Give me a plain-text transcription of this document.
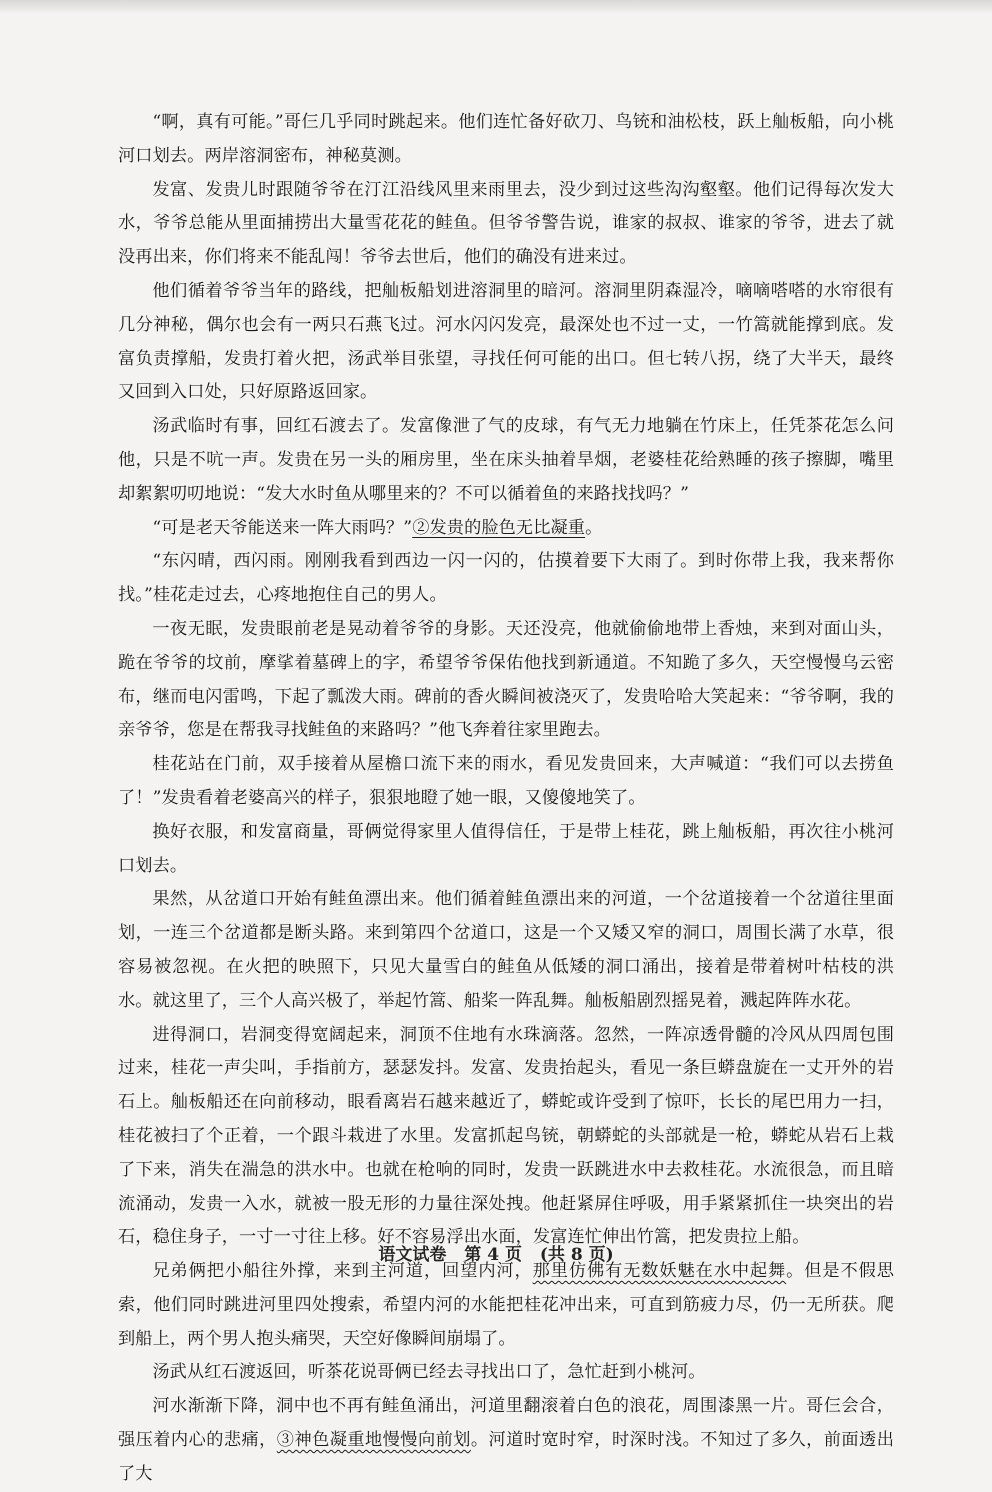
“啊，真有可能。”哥仨几乎同时跳起来。他们连忙备好砍刀、鸟铳和油松枝，跃上舢板船，向小桃河口划去。两岸溶洞密布，神秘莫测。

发富、发贵儿时跟随爷爷在汀江沿线风里来雨里去，没少到过这些沟沟壑壑。他们记得每次发大水，爷爷总能从里面捕捞出大量雪花花的鲑鱼。但爷爷警告说，谁家的叔叔、谁家的爷爷，进去了就没再出来，你们将来不能乱闯！爷爷去世后，他们的确没有进来过。

他们循着爷爷当年的路线，把舢板船划进溶洞里的暗河。溶洞里阴森湿冷，嘀嘀嗒嗒的水帘很有几分神秘，偶尔也会有一两只石燕飞过。河水闪闪发亮，最深处也不过一丈，一竹篙就能撑到底。发富负责撑船，发贵打着火把，汤武举目张望，寻找任何可能的出口。但七转八拐，绕了大半天，最终又回到入口处，只好原路返回家。

汤武临时有事，回红石渡去了。发富像泄了气的皮球，有气无力地躺在竹床上，任凭茶花怎么问他，只是不吭一声。发贵在另一头的厢房里，坐在床头抽着旱烟，老婆桂花给熟睡的孩子擦脚，嘴里却絮絮叨叨地说：“发大水时鱼从哪里来的？不可以循着鱼的来路找找吗？”

“可是老天爷能送来一阵大雨吗？”②发贵的脸色无比凝重。

“东闪晴，西闪雨。刚刚我看到西边一闪一闪的，估摸着要下大雨了。到时你带上我，我来帮你找。”桂花走过去，心疼地抱住自己的男人。

一夜无眠，发贵眼前老是晃动着爷爷的身影。天还没亮，他就偷偷地带上香烛，来到对面山头，跪在爷爷的坟前，摩挲着墓碑上的字，希望爷爷保佑他找到新通道。不知跪了多久，天空慢慢乌云密布，继而电闪雷鸣，下起了瓢泼大雨。碑前的香火瞬间被浇灭了，发贵哈哈大笑起来：“爷爷啊，我的亲爷爷，您是在帮我寻找鲑鱼的来路吗？”他飞奔着往家里跑去。

桂花站在门前，双手接着从屋檐口流下来的雨水，看见发贵回来，大声喊道：“我们可以去捞鱼了！”发贵看着老婆高兴的样子，狠狠地瞪了她一眼，又傻傻地笑了。

换好衣服，和发富商量，哥俩觉得家里人值得信任，于是带上桂花，跳上舢板船，再次往小桃河口划去。

果然，从岔道口开始有鲑鱼漂出来。他们循着鲑鱼漂出来的河道，一个岔道接着一个岔道往里面划，一连三个岔道都是断头路。来到第四个岔道口，这是一个又矮又窄的洞口，周围长满了水草，很容易被忽视。在火把的映照下，只见大量雪白的鲑鱼从低矮的洞口涌出，接着是带着树叶枯枝的洪水。就这里了，三个人高兴极了，举起竹篙、船桨一阵乱舞。舢板船剧烈摇晃着，溅起阵阵水花。

进得洞口，岩洞变得宽阔起来，洞顶不住地有水珠滴落。忽然，一阵凉透骨髓的冷风从四周包围过来，桂花一声尖叫，手指前方，瑟瑟发抖。发富、发贵抬起头，看见一条巨蟒盘旋在一丈开外的岩石上。舢板船还在向前移动，眼看离岩石越来越近了，蟒蛇或许受到了惊吓，长长的尾巴用力一扫，桂花被扫了个正着，一个跟斗栽进了水里。发富抓起鸟铳，朝蟒蛇的头部就是一枪，蟒蛇从岩石上栽了下来，消失在湍急的洪水中。也就在枪响的同时，发贵一跃跳进水中去救桂花。水流很急，而且暗流涌动，发贵一入水，就被一股无形的力量往深处拽。他赶紧屏住呼吸，用手紧紧抓住一块突出的岩石，稳住身子，一寸一寸往上移。好不容易浮出水面，发富连忙伸出竹篙，把发贵拉上船。

兄弟俩把小船往外撑，来到主河道，回望内河，那里仿佛有无数妖魅在水中起舞。但是不假思索，他们同时跳进河里四处搜索，希望内河的水能把桂花冲出来，可直到筋疲力尽，仍一无所获。爬到船上，两个男人抱头痛哭，天空好像瞬间崩塌了。

汤武从红石渡返回，听茶花说哥俩已经去寻找出口了，急忙赶到小桃河。

河水渐渐下降，洞中也不再有鲑鱼涌出，河道里翻滚着白色的浪花，周围漆黑一片。哥仨会合，强压着内心的悲痛，③神色凝重地慢慢向前划。河道时宽时窄，时深时浅。不知过了多久，前面透出了大

语文试卷 第 4 页 (共 8 页)
